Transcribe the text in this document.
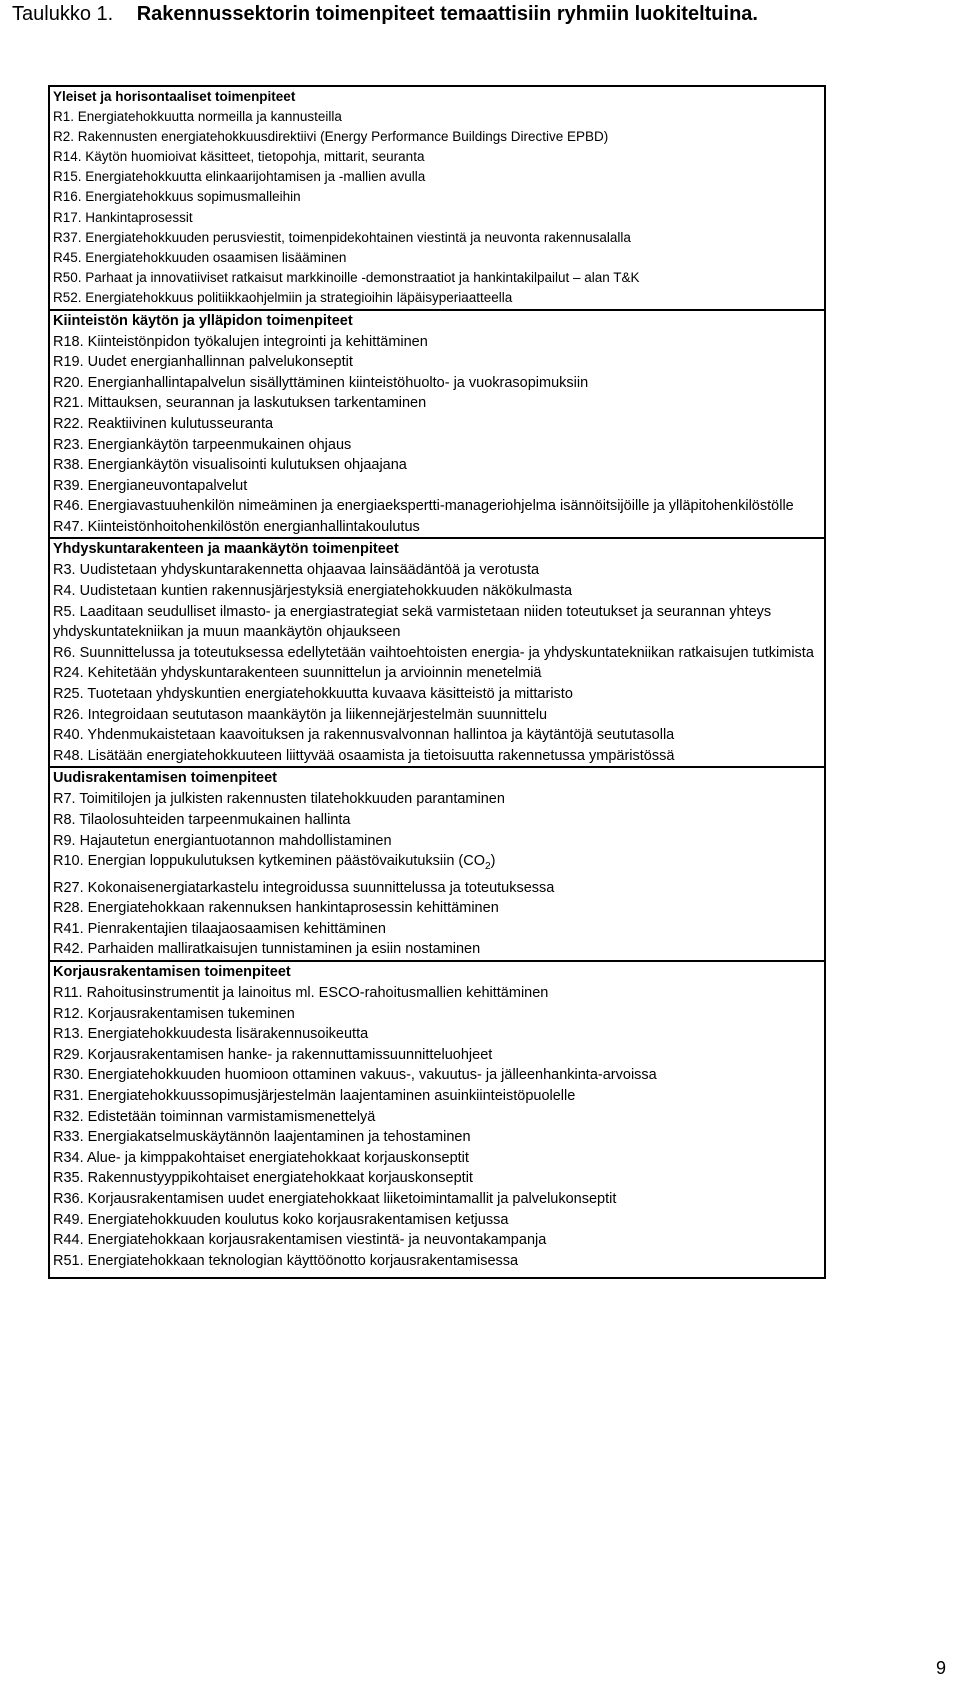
Taulukko 1. Rakennussektorin toimenpiteet temaattisiin ryhmiin luokiteltuina.
Yleiset ja horisontaaliset toimenpiteet
R1. Energiatehokkuutta normeilla ja kannusteilla
R2. Rakennusten energiatehokkuusdirektiivi (Energy Performance Buildings Directive EPBD)
R14. Käytön huomioivat käsitteet, tietopohja, mittarit, seuranta
R15. Energiatehokkuutta elinkaarijohtamisen ja -mallien avulla
R16. Energiatehokkuus sopimusmalleihin
R17. Hankintaprosessit
R37. Energiatehokkuuden perusviestit, toimenpidekohtainen viestintä ja neuvonta rakennusalalla
R45. Energiatehokkuuden osaamisen lisääminen
R50. Parhaat ja innovatiiviset ratkaisut markkinoille -demonstraatiot ja hankintakilpailut – alan T&K
R52. Energiatehokkuus politiikkaohjelmiin ja strategioihin läpäisyperiaatteella
Kiinteistön käytön ja ylläpidon toimenpiteet
R18. Kiinteistönpidon työkalujen integrointi ja kehittäminen
R19. Uudet energianhallinnan palvelukonseptit
R20. Energianhallintapalvelun sisällyttäminen kiinteistöhuolto- ja vuokrasopimuksiin
R21. Mittauksen, seurannan ja laskutuksen tarkentaminen
R22. Reaktiivinen kulutusseuranta
R23. Energiankäytön tarpeenmukainen ohjaus
R38. Energiankäytön visualisointi kulutuksen ohjaajana
R39. Energianeuvontapalvelut
R46. Energiavastuuhenkilön nimeäminen ja energiaekspertti-manageriohjelma isännöitsijöille ja ylläpitohenkilöstölle
R47. Kiinteistönhoitohenkilöstön energianhallintakoulutus
Yhdyskuntarakenteen ja maankäytön toimenpiteet
R3. Uudistetaan yhdyskuntarakennetta ohjaavaa lainsäädäntöä ja verotusta
R4. Uudistetaan kuntien rakennusjärjestyksiä energiatehokkuuden näkökulmasta
R5. Laaditaan seudulliset ilmasto- ja energiastrategiat sekä varmistetaan niiden toteutukset ja seurannan yhteys yhdyskuntatekniikan ja muun maankäytön ohjaukseen
R6. Suunnittelussa ja toteutuksessa edellytetään vaihtoehtoisten energia- ja yhdyskuntatekniikan ratkaisujen tutkimista
R24. Kehitetään yhdyskuntarakenteen suunnittelun ja arvioinnin menetelmiä
R25. Tuotetaan yhdyskuntien energiatehokkuutta kuvaava käsitteistö ja mittaristo
R26. Integroidaan seututason maankäytön ja liikennejärjestelmän suunnittelu
R40. Yhdenmukaistetaan kaavoituksen ja rakennusvalvonnan hallintoa ja käytäntöjä seututasolla
R48. Lisätään energiatehokkuuteen liittyvää osaamista ja tietoisuutta rakennetussa ympäristössä
Uudisrakentamisen toimenpiteet
R7. Toimitilojen ja julkisten rakennusten tilatehokkuuden parantaminen
R8. Tilaolosuhteiden tarpeenmukainen hallinta
R9. Hajautetun energiantuotannon mahdollistaminen
R10. Energian loppukulutuksen kytkeminen päästövaikutuksiin $(CO_2)$
R27. Kokonaisenergiatarkastelu integroidussa suunnittelussa ja toteutuksessa
R28. Energiatehokkaan rakennuksen hankintaprosessin kehittäminen
R41. Pienrakentajien tilaajaosaamisen kehittäminen
R42. Parhaiden malliratkaisujen tunnistaminen ja esiin nostaminen
Korjausrakentamisen toimenpiteet
R11. Rahoitusinstrumentit ja lainoitus ml. ESCO-rahoitusmallien kehittäminen
R12. Korjausrakentamisen tukeminen
R13. Energiatehokkuudesta lisärakennusoikeutta
R29. Korjausrakentamisen hanke- ja rakennuttamissuunnitteluohjeet
R30. Energiatehokkuuden huomioon ottaminen vakuus-, vakuutus- ja jälleenhankinta-arvoissa
R31. Energiatehokkuussopimusjärjestelmän laajentaminen asuinkiinteistöpuolelle
R32. Edistetään toiminnan varmistamismenettelyä
R33. Energiakatselmuskäytännön laajentaminen ja tehostaminen
R34. Alue- ja kimppakohtaiset energiatehokkaat korjauskonseptit
R35. Rakennustyyppikohtaiset energiatehokkaat korjauskonseptit
R36. Korjausrakentamisen uudet energiatehokkaat liiketoimintamallit ja palvelukonseptit
R49. Energiatehokkuuden koulutus koko korjausrakentamisen ketjussa
R44. Energiatehokkaan korjausrakentamisen viestintä- ja neuvontakampanja
R51. Energiatehokkaan teknologian käyttöönotto korjausrakentamisessa
9
